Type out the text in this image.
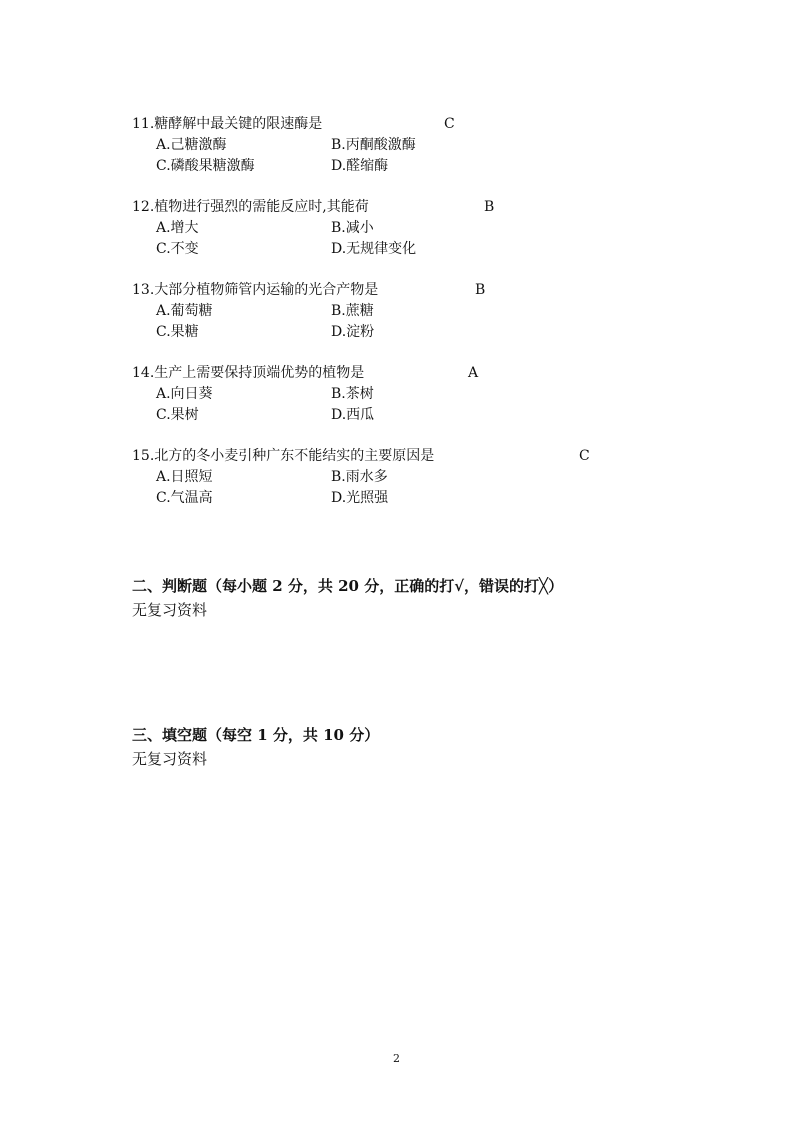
11.糖酵解中最关键的限速酶是	C
A.己糖激酶	B.丙酮酸激酶
C.磷酸果糖激酶	D.醛缩酶
12.植物进行强烈的需能反应时,其能荷	B
A.增大	B.减小
C.不变	D.无规律变化
13.大部分植物筛管内运输的光合产物是	B
A.葡萄糖	B.蔗糖
C.果糖	D.淀粉
14.生产上需要保持顶端优势的植物是	A
A.向日葵	B.茶树
C.果树	D.西瓜
15.北方的冬小麦引种广东不能结实的主要原因是	C
A.日照短	B.雨水多
C.气温高	D.光照强
二、判断题（每小题 2 分，共 20 分，正确的打√，错误的打╳）
无复习资料
三、填空题（每空 1 分，共 10 分）
无复习资料
2
